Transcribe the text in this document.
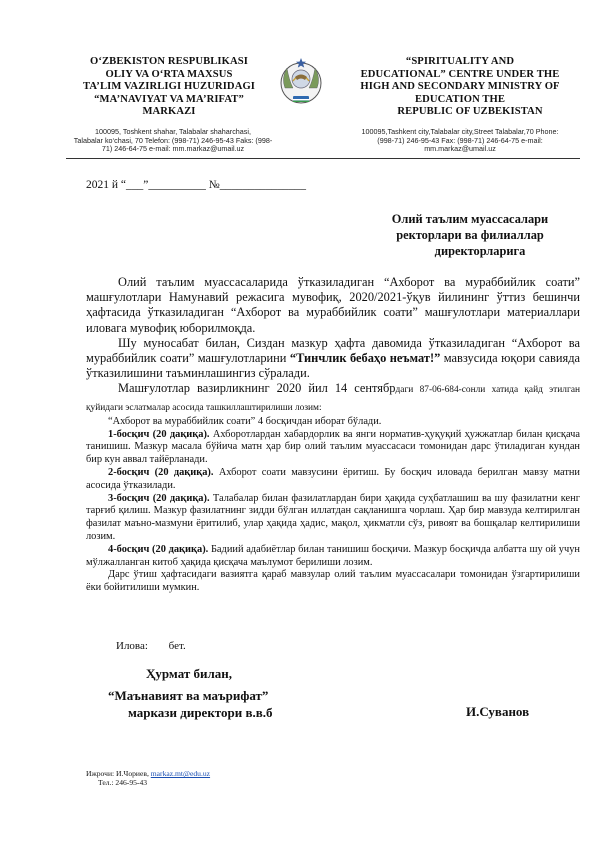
O‘ZBEKISTON RESPUBLIKASI
OLIY VA O‘RTA MAXSUS
TA’LIM VAZIRLIGI HUZURIDAGI
“MA’NAVIYAT VA MA’RIFAT”
MARKAZI
“SPIRITUALITY AND
EDUCATIONAL” CENTRE UNDER THE
HIGH AND SECONDARY MINISTRY OF
EDUCATION THE
REPUBLIC OF UZBEKISTAN
100095, Toshkent shahar, Talabalar shaharchasi,
Talabalar ko‘chasi, 70 Telefon: (998-71) 246-95-43 Faks: (998-
71) 246-64-75 e-mail: mm.markaz@umail.uz
100095,Tashkent city,Talabalar city,Street Talabalar,70 Phone:
(998-71) 246-95-43 Fax: (998-71) 246-64-75 e-mail:
mm.markaz@umail.uz
2021 й “___”__________ №_______________
Олий таълим муассасалари
ректорлари ва филиаллар
директорларига

Олий таълим муассасаларида ўтказиладиган “Ахборот ва мураббийлик соати” машғулотлари Намунавий режасига мувофиқ, 2020/2021-ўқув йилининг ўттиз бешинчи ҳафтасида ўтказиладиган “Ахборот ва мураббийлик соати” машғулотлари материаллари иловага мувофиқ юборилмоқда.

Шу муносабат билан, Сиздан мазкур ҳафта давомида ўтказиладиган “Ахборот ва мураббийлик соати” машғулотларини “Тинчлик бебаҳо неъмат!” мавзусида юқори савияда ўтказилишини таъминлашингиз сўралади.

Машғулотлар вазирликнинг 2020 йил 14 сентябрдаги 87-06-684-сонли хатида қайд этилган қуйидаги эслатмалар асосида ташкиллаштирилиши лозим:

“Ахборот ва мураббийлик соати” 4 босқичдан иборат бўлади.

1-босқич (20 дақиқа). Ахборотлардан хабардорлик ва янги норматив-ҳуқуқий ҳужжатлар билан қисқача танишиш. Мазкур масала бўйича матн ҳар бир олий таълим муассасаси томонидан дарс ўтиладиган кундан бир кун аввал тайёрланади.

2-босқич (20 дақиқа). Ахборот соати мавзусини ёритиш. Бу босқич иловада берилган мавзу матни асосида ўтказилади.

3-босқич (20 дақиқа). Талабалар билан фазилатлардан бири ҳақида суҳбатлашиш ва шу фазилатни кенг тарғиб қилиш. Мазкур фазилатнинг зидди бўлган иллатдан сақланишга чорлаш. Ҳар бир мавзуда келтирилган фазилат маъно-мазмуни ёритилиб, улар ҳақида ҳадис, мақол, ҳикматли сўз, ривоят ва бошқалар келтирилиши лозим.

4-босқич (20 дақиқа). Бадиий адабиётлар билан танишиш босқичи. Мазкур босқичда албатта шу ой учун мўлжалланган китоб ҳақида қисқача маълумот берилиши лозим.

Дарс ўтиш ҳафтасидаги вазиятга қараб мавзулар олий таълим муассасалари томонидан ўзгартирилиши ёки бойитилиши мумкин.

Илова: бет.
Ҳурмат билан,
“Маънавият ва маърифат”
маркази директори в.в.б	И.Суванов
Ижрочи: И.Чориев, markaz.mt@edu.uz
Тел.: 246-95-43
